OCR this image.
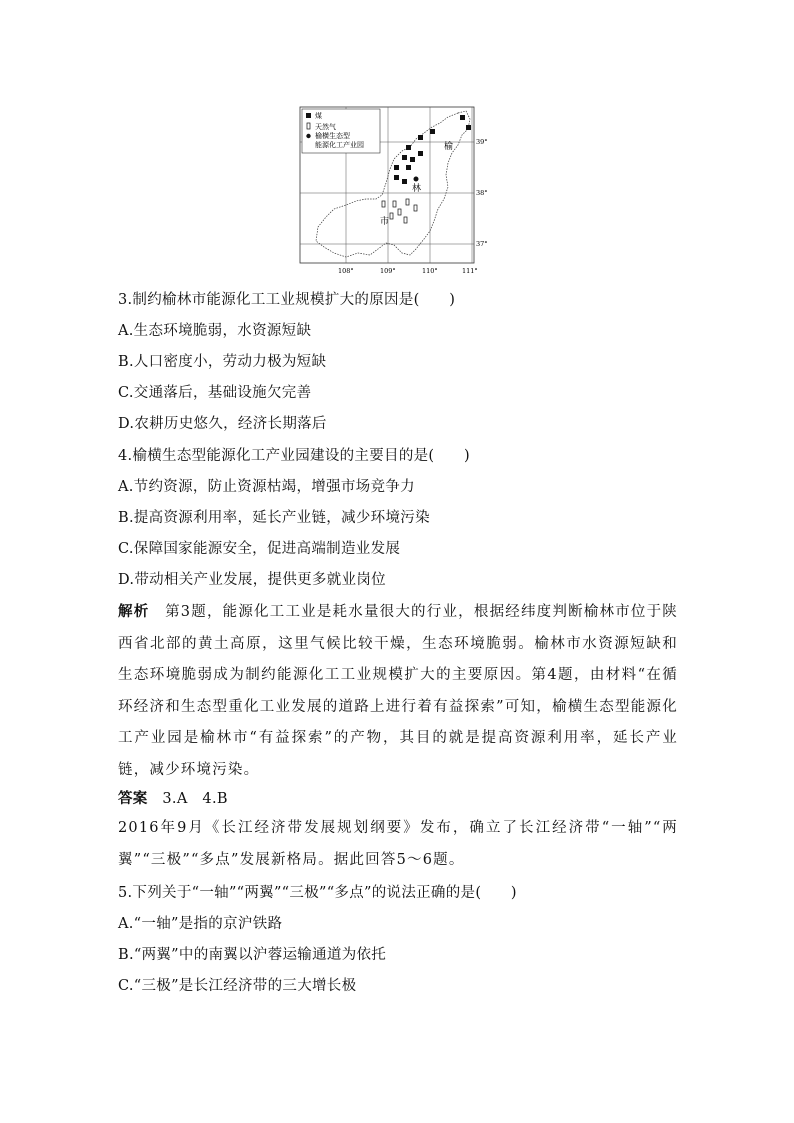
煤
天然气
榆横生态型
能源化工产业园	榆
林
市
39°
38°
37°
108°	109°	110°	111°
3.制约榆林市能源化工工业规模扩大的原因是(　　)
A.生态环境脆弱，水资源短缺
B.人口密度小，劳动力极为短缺
C.交通落后，基础设施欠完善
D.农耕历史悠久，经济长期落后
4.榆横生态型能源化工产业园建设的主要目的是(　　)
A.节约资源，防止资源枯竭，增强市场竞争力
B.提高资源利用率，延长产业链，减少环境污染
C.保障国家能源安全，促进高端制造业发展
D.带动相关产业发展，提供更多就业岗位
解析　第3题，能源化工工业是耗水量很大的行业，根据经纬度判断榆林市位于陕西省北部的黄土高原，这里气候比较干燥，生态环境脆弱。榆林市水资源短缺和生态环境脆弱成为制约能源化工工业规模扩大的主要原因。第4题，由材料“在循环经济和生态型重化工业发展的道路上进行着有益探索”可知，榆横生态型能源化工产业园是榆林市“有益探索”的产物，其目的就是提高资源利用率，延长产业链，减少环境污染。
答案　3.A　4.B
2016年9月《长江经济带发展规划纲要》发布，确立了长江经济带“一轴”“两翼”“三极”“多点”发展新格局。据此回答5～6题。
5.下列关于“一轴”“两翼”“三极”“多点”的说法正确的是(　　)
A.“一轴”是指的京沪铁路
B.“两翼”中的南翼以沪蓉运输通道为依托
C.“三极”是长江经济带的三大增长极
